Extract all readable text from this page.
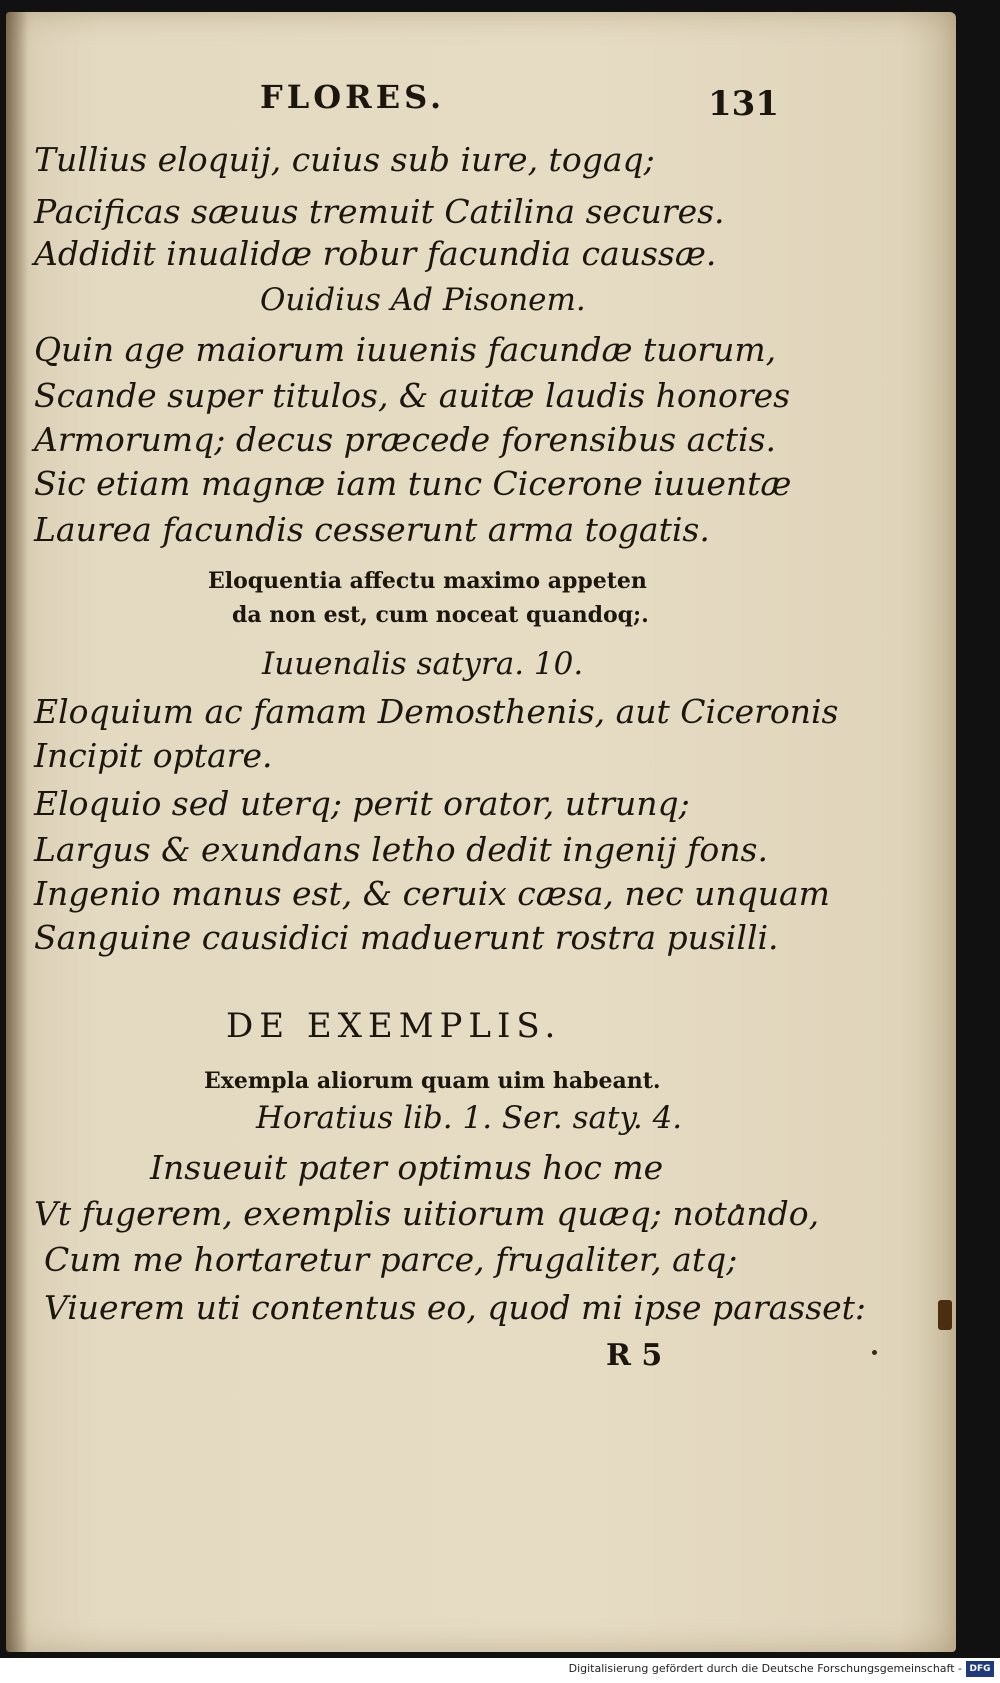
FLORES.	131
Tullius eloquij, cuius sub iure, togaq;
Pacificas sæuus tremuit Catilina secures.
Addidit inualidæ robur facundia caussæ.
Ouidius Ad Pisonem.
Quin age maiorum iuuenis facundæ tuorum,
Scande super titulos, & auitæ laudis honores
Armorumq; decus præcede forensibus actis.
Sic etiam magnæ iam tunc Cicerone iuuentæ
Laurea facundis cesserunt arma togatis.
Eloquentia affectu maximo appeten
da non est, cum noceat quandoq;.
Iuuenalis satyra. 10.
Eloquium ac famam Demosthenis, aut Ciceronis
Incipit optare.
Eloquio sed uterq; perit orator, utrunq;
Largus & exundans letho dedit ingenij fons.
Ingenio manus est, & ceruix cæsa, nec unquam
Sanguine causidici maduerunt rostra pusilli.
DE EXEMPLIS.
Exempla aliorum quam uim habeant.
Horatius lib. 1. Ser. saty. 4.
Insueuit pater optimus hoc me
Vt fugerem, exemplis uitiorum quæq; notando,
Cum me hortaretur parce, frugaliter, atq;
Viuerem uti contentus eo, quod mi ipse parasset:
R 5
Digitalisierung gefördert durch die Deutsche Forschungsgemeinschaft - DFG
